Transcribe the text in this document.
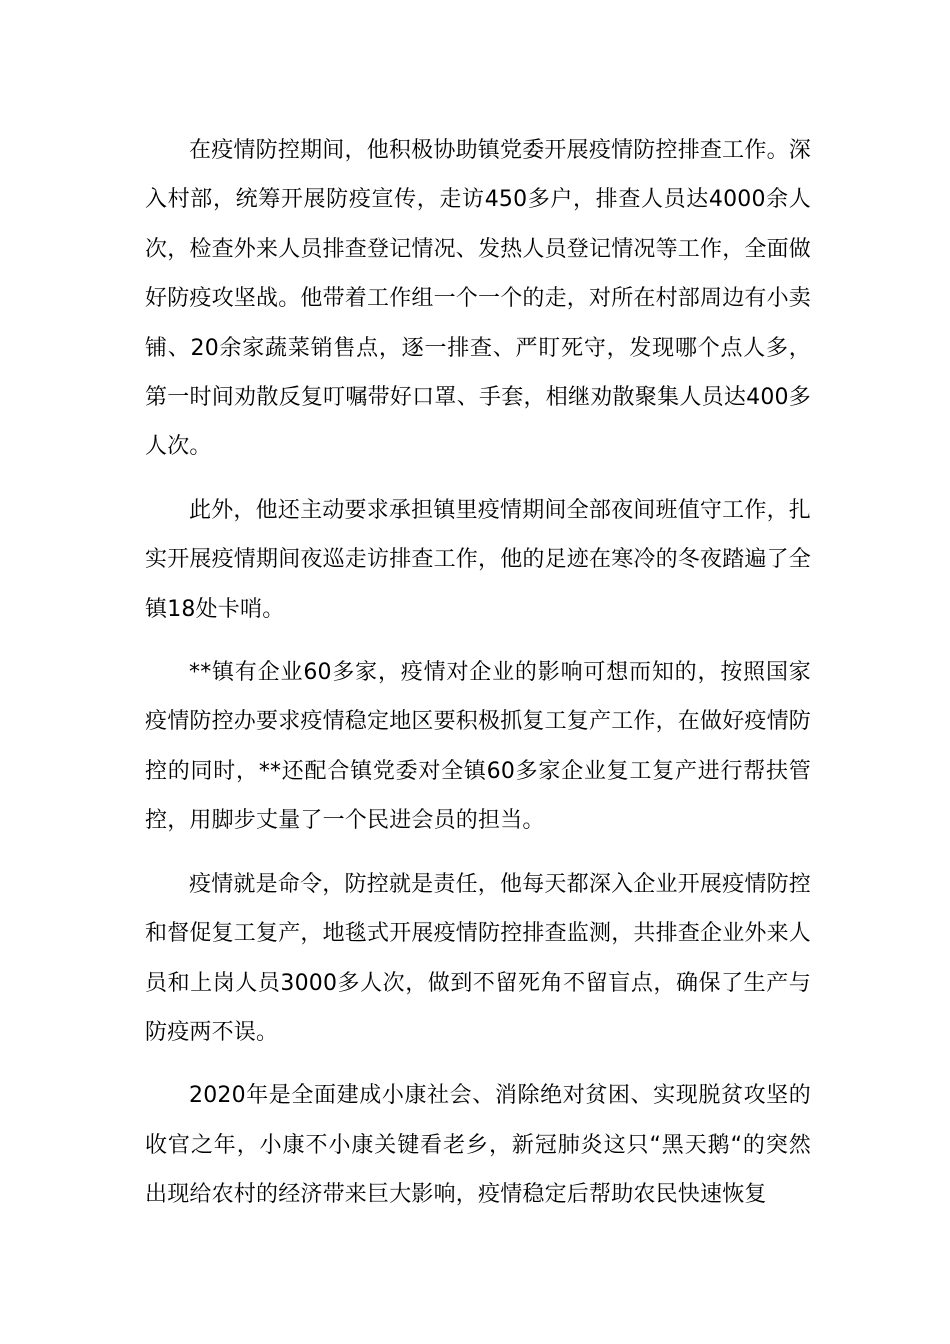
在疫情防控期间，他积极协助镇党委开展疫情防控排查工作。深入村部，统筹开展防疫宣传，走访450多户，排查人员达4000余人次，检查外来人员排查登记情况、发热人员登记情况等工作，全面做好防疫攻坚战。他带着工作组一个一个的走，对所在村部周边有小卖铺、20余家蔬菜销售点，逐一排查、严盯死守，发现哪个点人多，第一时间劝散反复叮嘱带好口罩、手套，相继劝散聚集人员达400多人次。

此外，他还主动要求承担镇里疫情期间全部夜间班值守工作，扎实开展疫情期间夜巡走访排查工作，他的足迹在寒冷的冬夜踏遍了全镇18处卡哨。

**镇有企业60多家，疫情对企业的影响可想而知的，按照国家疫情防控办要求疫情稳定地区要积极抓复工复产工作，在做好疫情防控的同时，**还配合镇党委对全镇60多家企业复工复产进行帮扶管控，用脚步丈量了一个民进会员的担当。

疫情就是命令，防控就是责任，他每天都深入企业开展疫情防控和督促复工复产，地毯式开展疫情防控排查监测，共排查企业外来人员和上岗人员3000多人次，做到不留死角不留盲点，确保了生产与防疫两不误。

2020年是全面建成小康社会、消除绝对贫困、实现脱贫攻坚的收官之年，小康不小康关键看老乡，新冠肺炎这只“黑天鹅“的突然出现给农村的经济带来巨大影响，疫情稳定后帮助农民快速恢复
